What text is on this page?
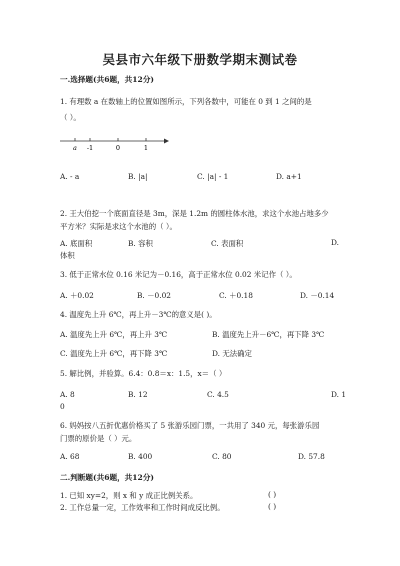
吴县市六年级下册数学期末测试卷
一.选择题(共6题，共12分)
1. 有理数 a 在数轴上的位置如图所示，下列各数中，可能在 0 到 1 之间的是
（ ）。
a -1	0	1
A. - a	B. |a|	C. |a| - 1	D. a+1
2. 王大伯挖一个底面直径是 3m，深是 1.2m 的圆柱体水池，求这个水池占地多少
平方米？实际是求这个水池的（ ）。
A. 底面积	B. 容积	C. 表面积	D.
体积
3. 低于正常水位 0.16 米记为－0.16，高于正常水位 0.02 米记作（ ）。
A. ＋0.02	B. －0.02	C. ＋0.18	D. －0.14
4. 温度先上升 6℃，再上升－3℃的意义是( )。
A. 温度先上升 6℃，再上升 3℃	B. 温度先上升－6℃，再下降 3℃
C. 温度先上升 6℃，再下降 3℃	D. 无法确定
5. 解比例，并验算。6.4：0.8＝x：1.5，x＝（ ）
A. 8	B. 12	C. 4.5	D. 1
0
6. 妈妈按八五折优惠价格买了 5 张游乐园门票，一共用了 340 元，每张游乐园
门票的原价是（ ）元。
A. 68	B. 400	C. 80	D. 57.8
二.判断题(共6题，共12分)
1. 已知 xy=2，则 x 和 y 成正比例关系。	( )
2. 工作总量一定，工作效率和工作时间成反比例。	( )
